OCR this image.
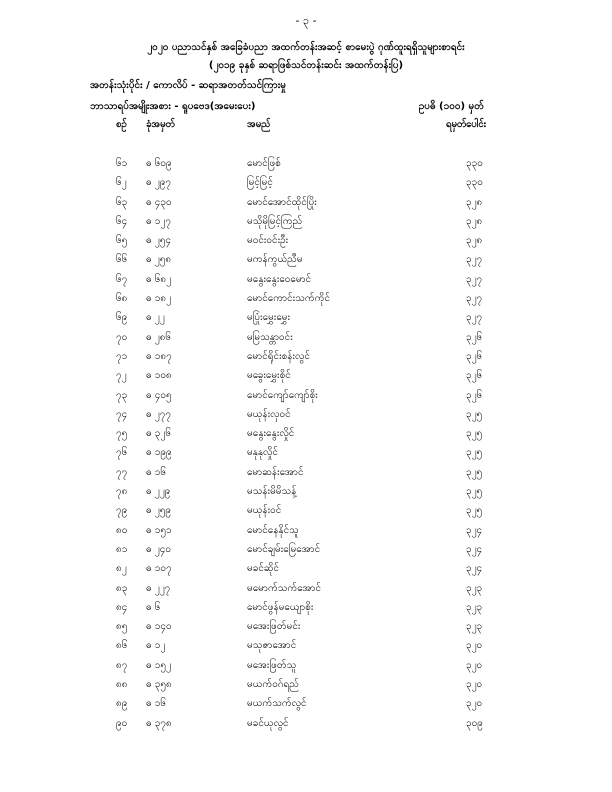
- ၃ -
၂၀၂၀ ပညာသင်နှစ် အခြေခံပညာ အထက်တန်းအဆင့် စာမေးပွဲ ဂုဏ်ထူးရရှိသူများစာရင်း
(၂၀၁၉ ခုနှစ် ဆရာဖြစ်သင်တန်းဆင်း အထက်တန်းပြ)
အတန်းသုံးပိုင်း / ကောလိပ် - ဆရာအတတ်သင်ကြားမှု
ဘာသာရပ်အမျိုးအစား - ရူပဗေဒ(အမေးပေး)	ဥပဓိ (၁၀၀) မှတ်
စဉ် ခုံအမှတ်	အမည်	ရမှတ်ပေါင်း
၆၁ ဓ ၆၀၉	မောင်ဖြစ်	၃၃၀
၆၂ ဓ ၂၉၇	မြင့်မြင့်	၃၃၀
၆၃ ဓ ၄၃၀	မောင်အောင်ထိုင်ပြိုး	၃၂၈
၆၄ ဓ ၁၂၇	မသိုမိုမြင့်ကြည်	၃၂၈
၆၅ ဓ ၂၅၄	မဝင်းဝင်းဦး	၃၂၈
၆၆ ဓ ၂၅၈	မကန်ကွယ်ညီမ	၃၂၇
၆၇ ဓ ၆၈၂	မနွေးနွေးဝေမောင်	၃၂၇
၆၈ ဓ ၁၈၂	မောင်ကောင်းသက်ကိုင်	၃၂၇
၆၉ ဓ ၂၂	မပြုံးမွှေးမွှေး	၃၂၇
၇၀ ဓ ၂၈၆	မမြသန္တာဝင်း	၃၂၆
၇၁ ဓ ၁၈၇	မောင်ရိုင်းစန်းလွင်	၃၂၆
၇၂ ဓ ၁၀၈	မခွေးမွှေးစိုင်	၃၂၆
၇၃ ဓ ၄၀၅	မောင်ကျော်ကျော်စိုး	၃၂၆
၇၄ ဓ ၂၇၇	မယုန်းလှဝင်	၃၂၅
၇၅ ဓ ၃၂၆	မနွေးနွေးလှိုင်	၃၂၅
၇၆ ဓ ၁၉၉	မနုနုလှိုင်	၃၂၅
၇၇ ဓ ၁၆	မောဆန်းအောင်	၃၂၅
၇၈ ဓ ၂၂၉	မသန်းမိမိသန့်	၃၂၅
၇၉ ဓ ၂၅၉	မယုန်းဝင်	၃၂၅
၈၀ ဓ ၁၅၁	မောင်နေနိုင်သူ	၃၂၄
၈၁ ဓ ၂၄၀	မောင်ချမ်းမြေအောင်	၃၂၄
၈၂ ဓ ၁၀၇	မခင်ဆိုင်	၃၂၄
၈၃ ဓ ၂၂၇	မမောက်သက်အောင်	၃၂၃
၈၄ ဓ ၆	မောင်ဖွန်မယျောစိုး	၃၂၃
၈၅ ဓ ၁၄၀	မအေးဖြတ်မင်း	၃၂၃
၈၆ ဓ ၁၂	မသုဇာအောင်	၃၂၀
၈၇ ဓ ၁၅၂	မအေးဖြတ်သူ	၃၂၀
၈၈ ဓ ၃၅၈	မယက်ဝဂ်ရည်	၃၂၀
၈၉ ဓ ၁၆	မယက်သက်လွင်	၃၂၀
၉၀ ဓ ၃၇၈	မခင်ယုလွင်	၃၀၉
